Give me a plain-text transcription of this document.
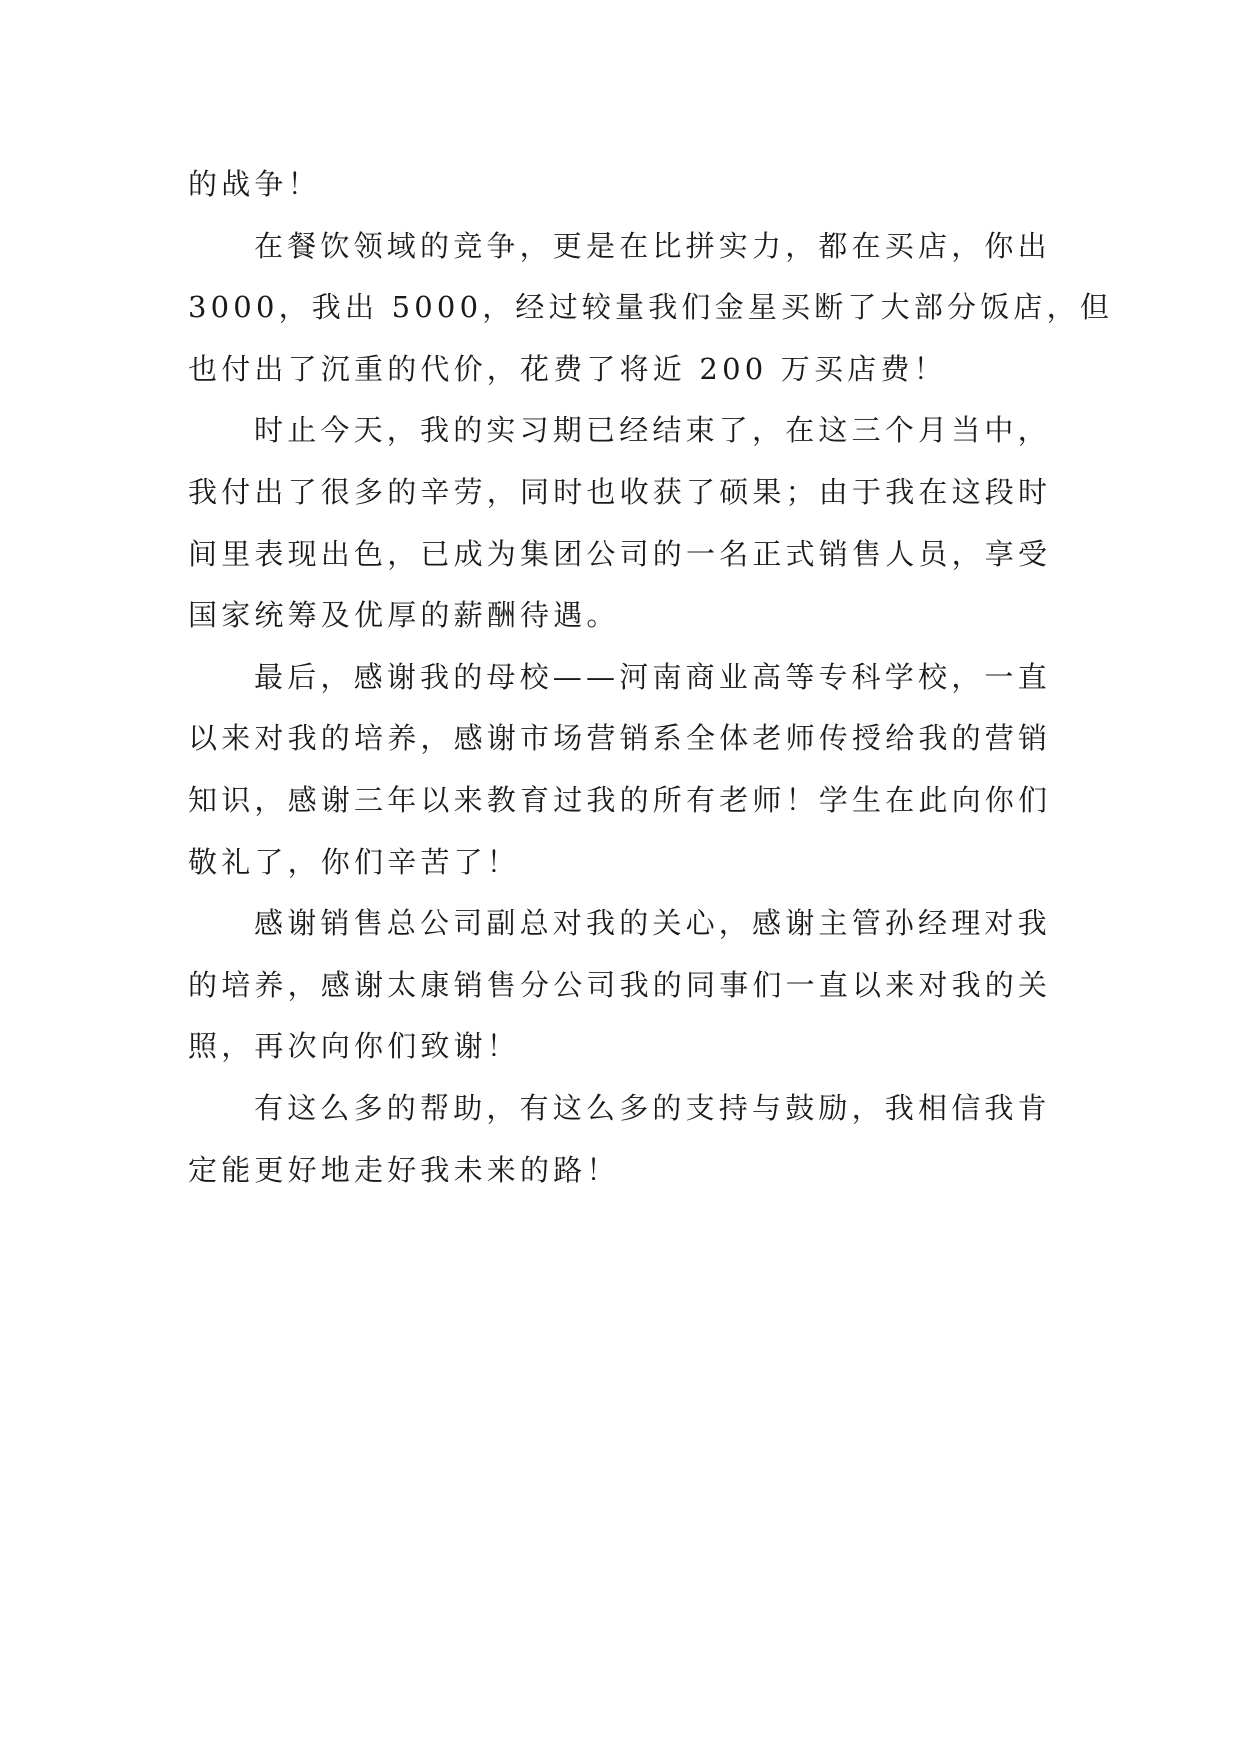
的战争！
在餐饮领域的竞争，更是在比拼实力，都在买店，你出
3000，我出 5000，经过较量我们金星买断了大部分饭店，但
也付出了沉重的代价，花费了将近 200 万买店费！
时止今天，我的实习期已经结束了，在这三个月当中，
我付出了很多的辛劳，同时也收获了硕果；由于我在这段时
间里表现出色，已成为集团公司的一名正式销售人员，享受
国家统筹及优厚的薪酬待遇。
最后，感谢我的母校——河南商业高等专科学校，一直
以来对我的培养，感谢市场营销系全体老师传授给我的营销
知识，感谢三年以来教育过我的所有老师！学生在此向你们
敬礼了，你们辛苦了！
感谢销售总公司副总对我的关心，感谢主管孙经理对我
的培养，感谢太康销售分公司我的同事们一直以来对我的关
照，再次向你们致谢！
有这么多的帮助，有这么多的支持与鼓励，我相信我肯
定能更好地走好我未来的路！
